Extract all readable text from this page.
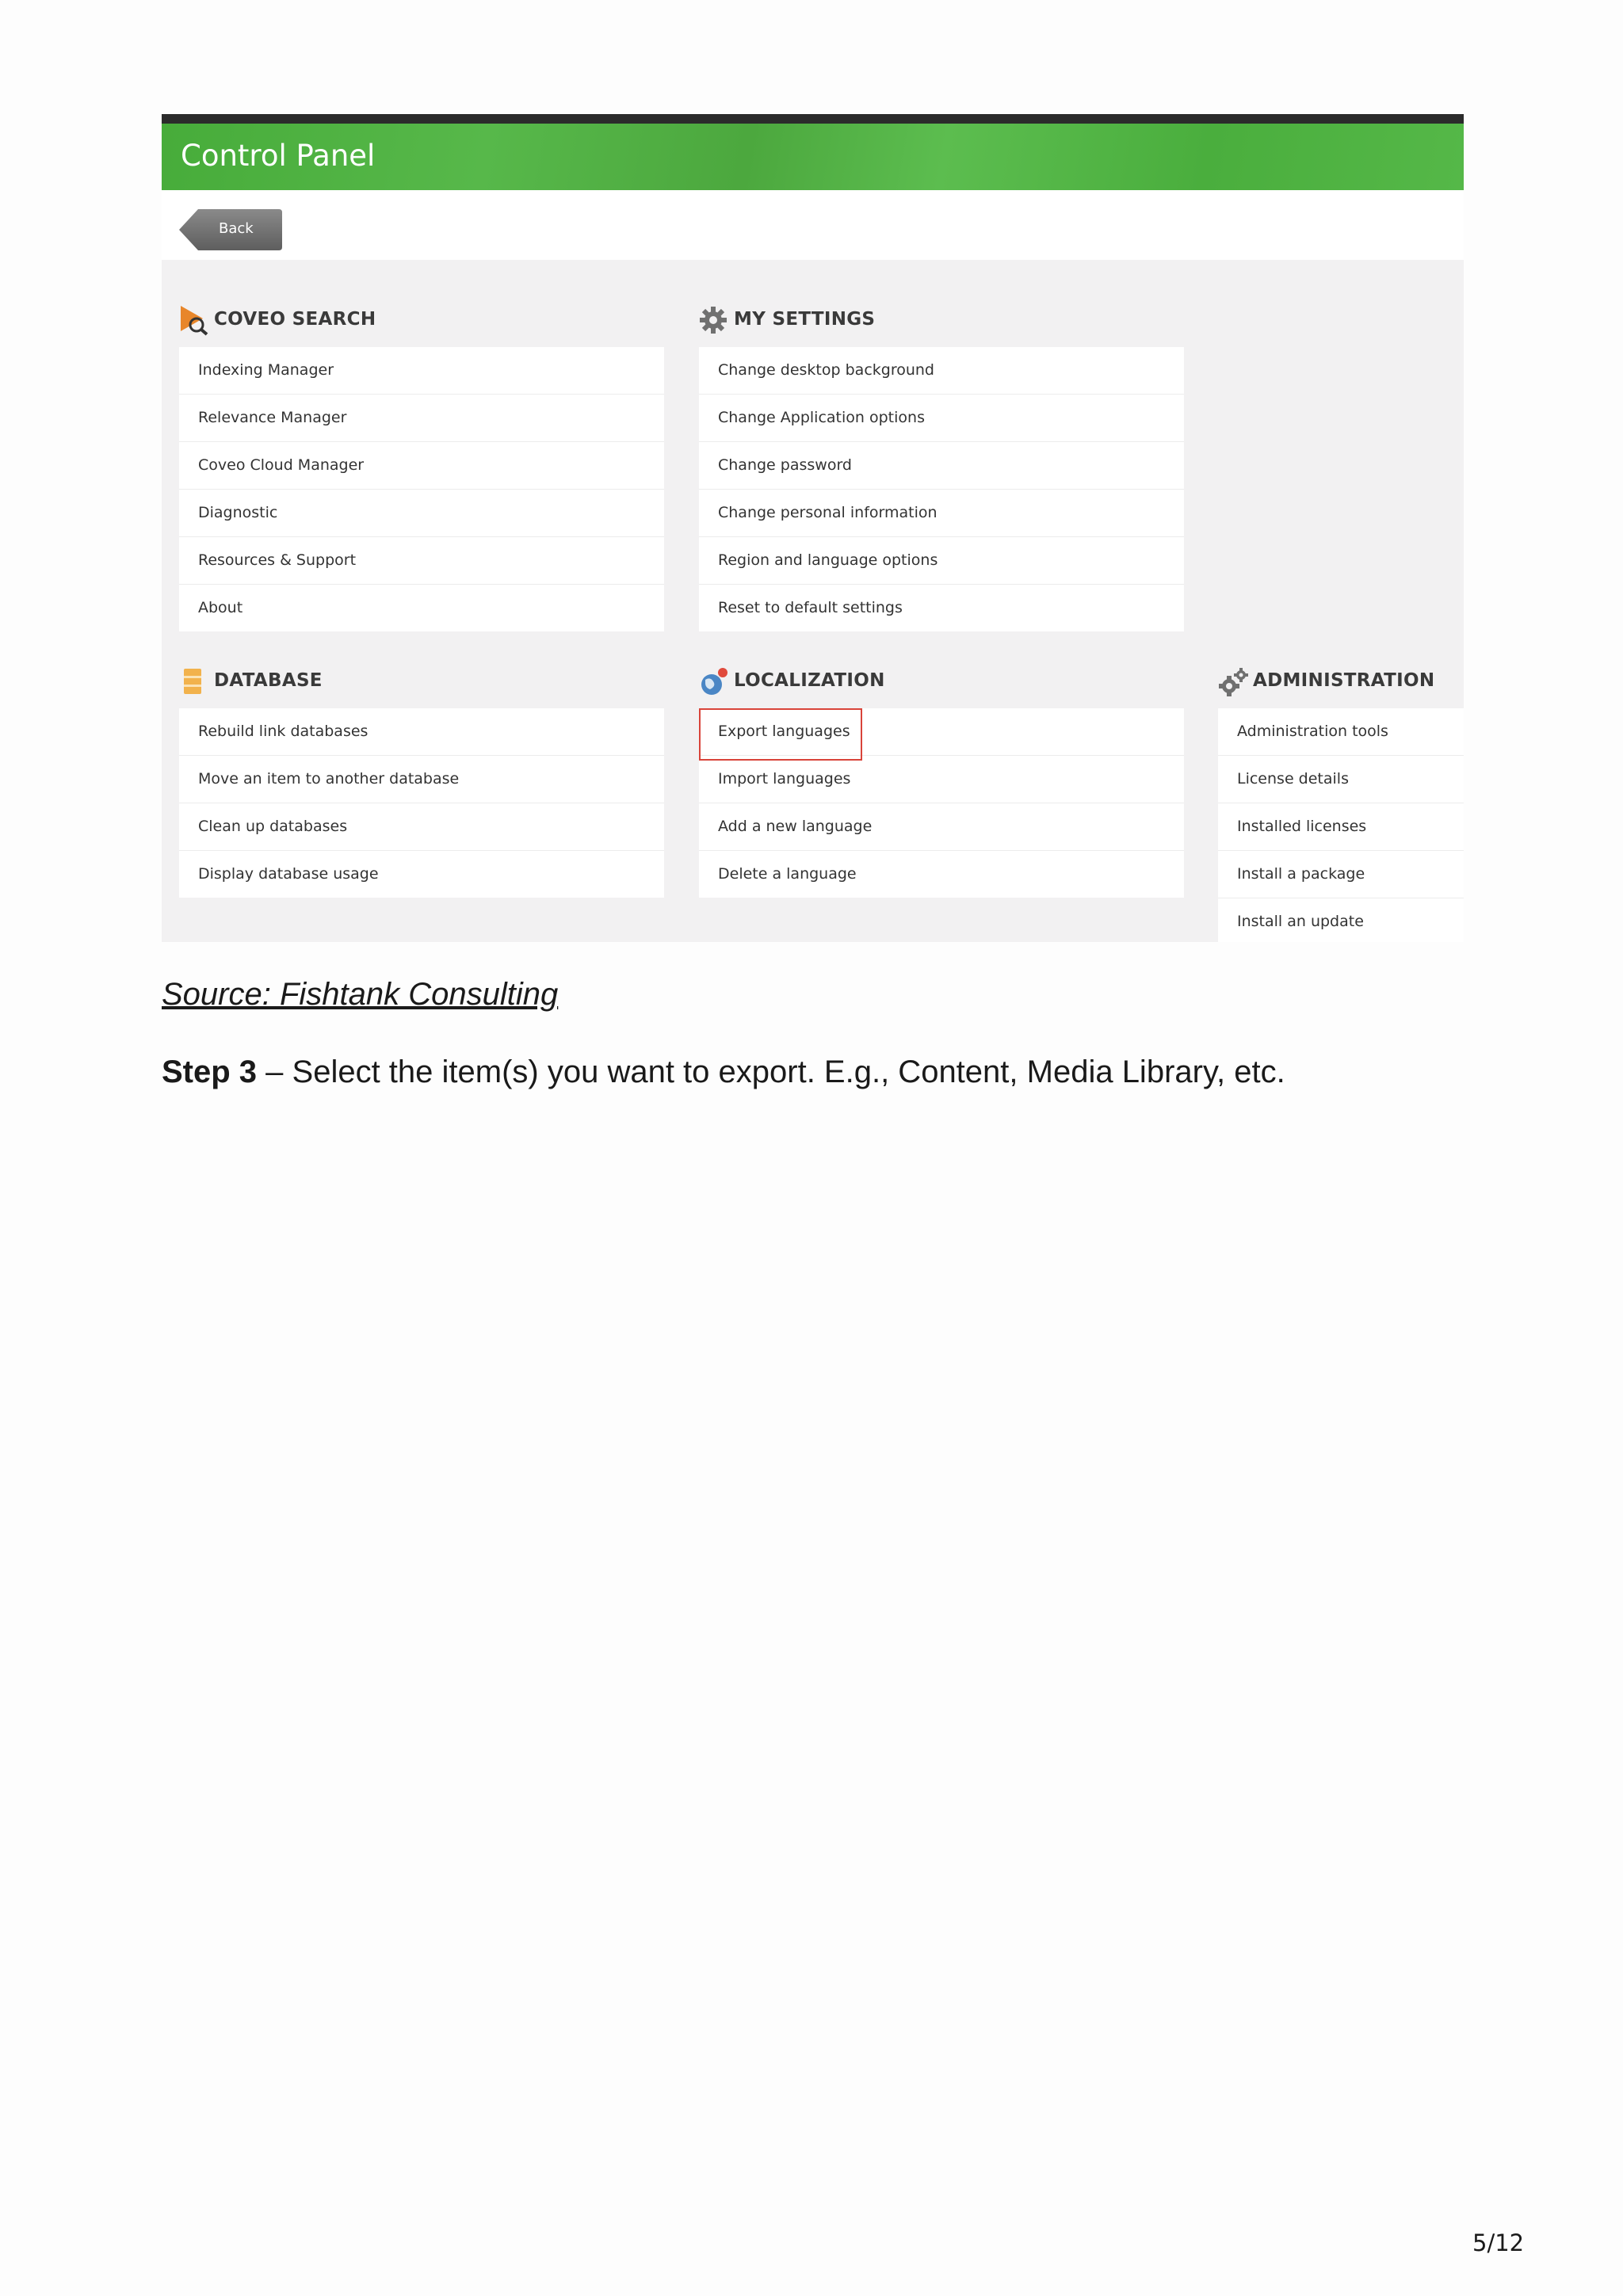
Control Panel
Back
COVEO SEARCH
Indexing Manager
Relevance Manager
Coveo Cloud Manager
Diagnostic
Resources & Support
About
MY SETTINGS
Change desktop background
Change Application options
Change password
Change personal information
Region and language options
Reset to default settings
DATABASE
Rebuild link databases
Move an item to another database
Clean up databases
Display database usage
LOCALIZATION
Export languages
Import languages
Add a new language
Delete a language
ADMINISTRATION
Administration tools
License details
Installed licenses
Install a package
Install an update
Source: Fishtank Consulting
Step 3 – Select the item(s) you want to export. E.g., Content, Media Library, etc.
5/12
